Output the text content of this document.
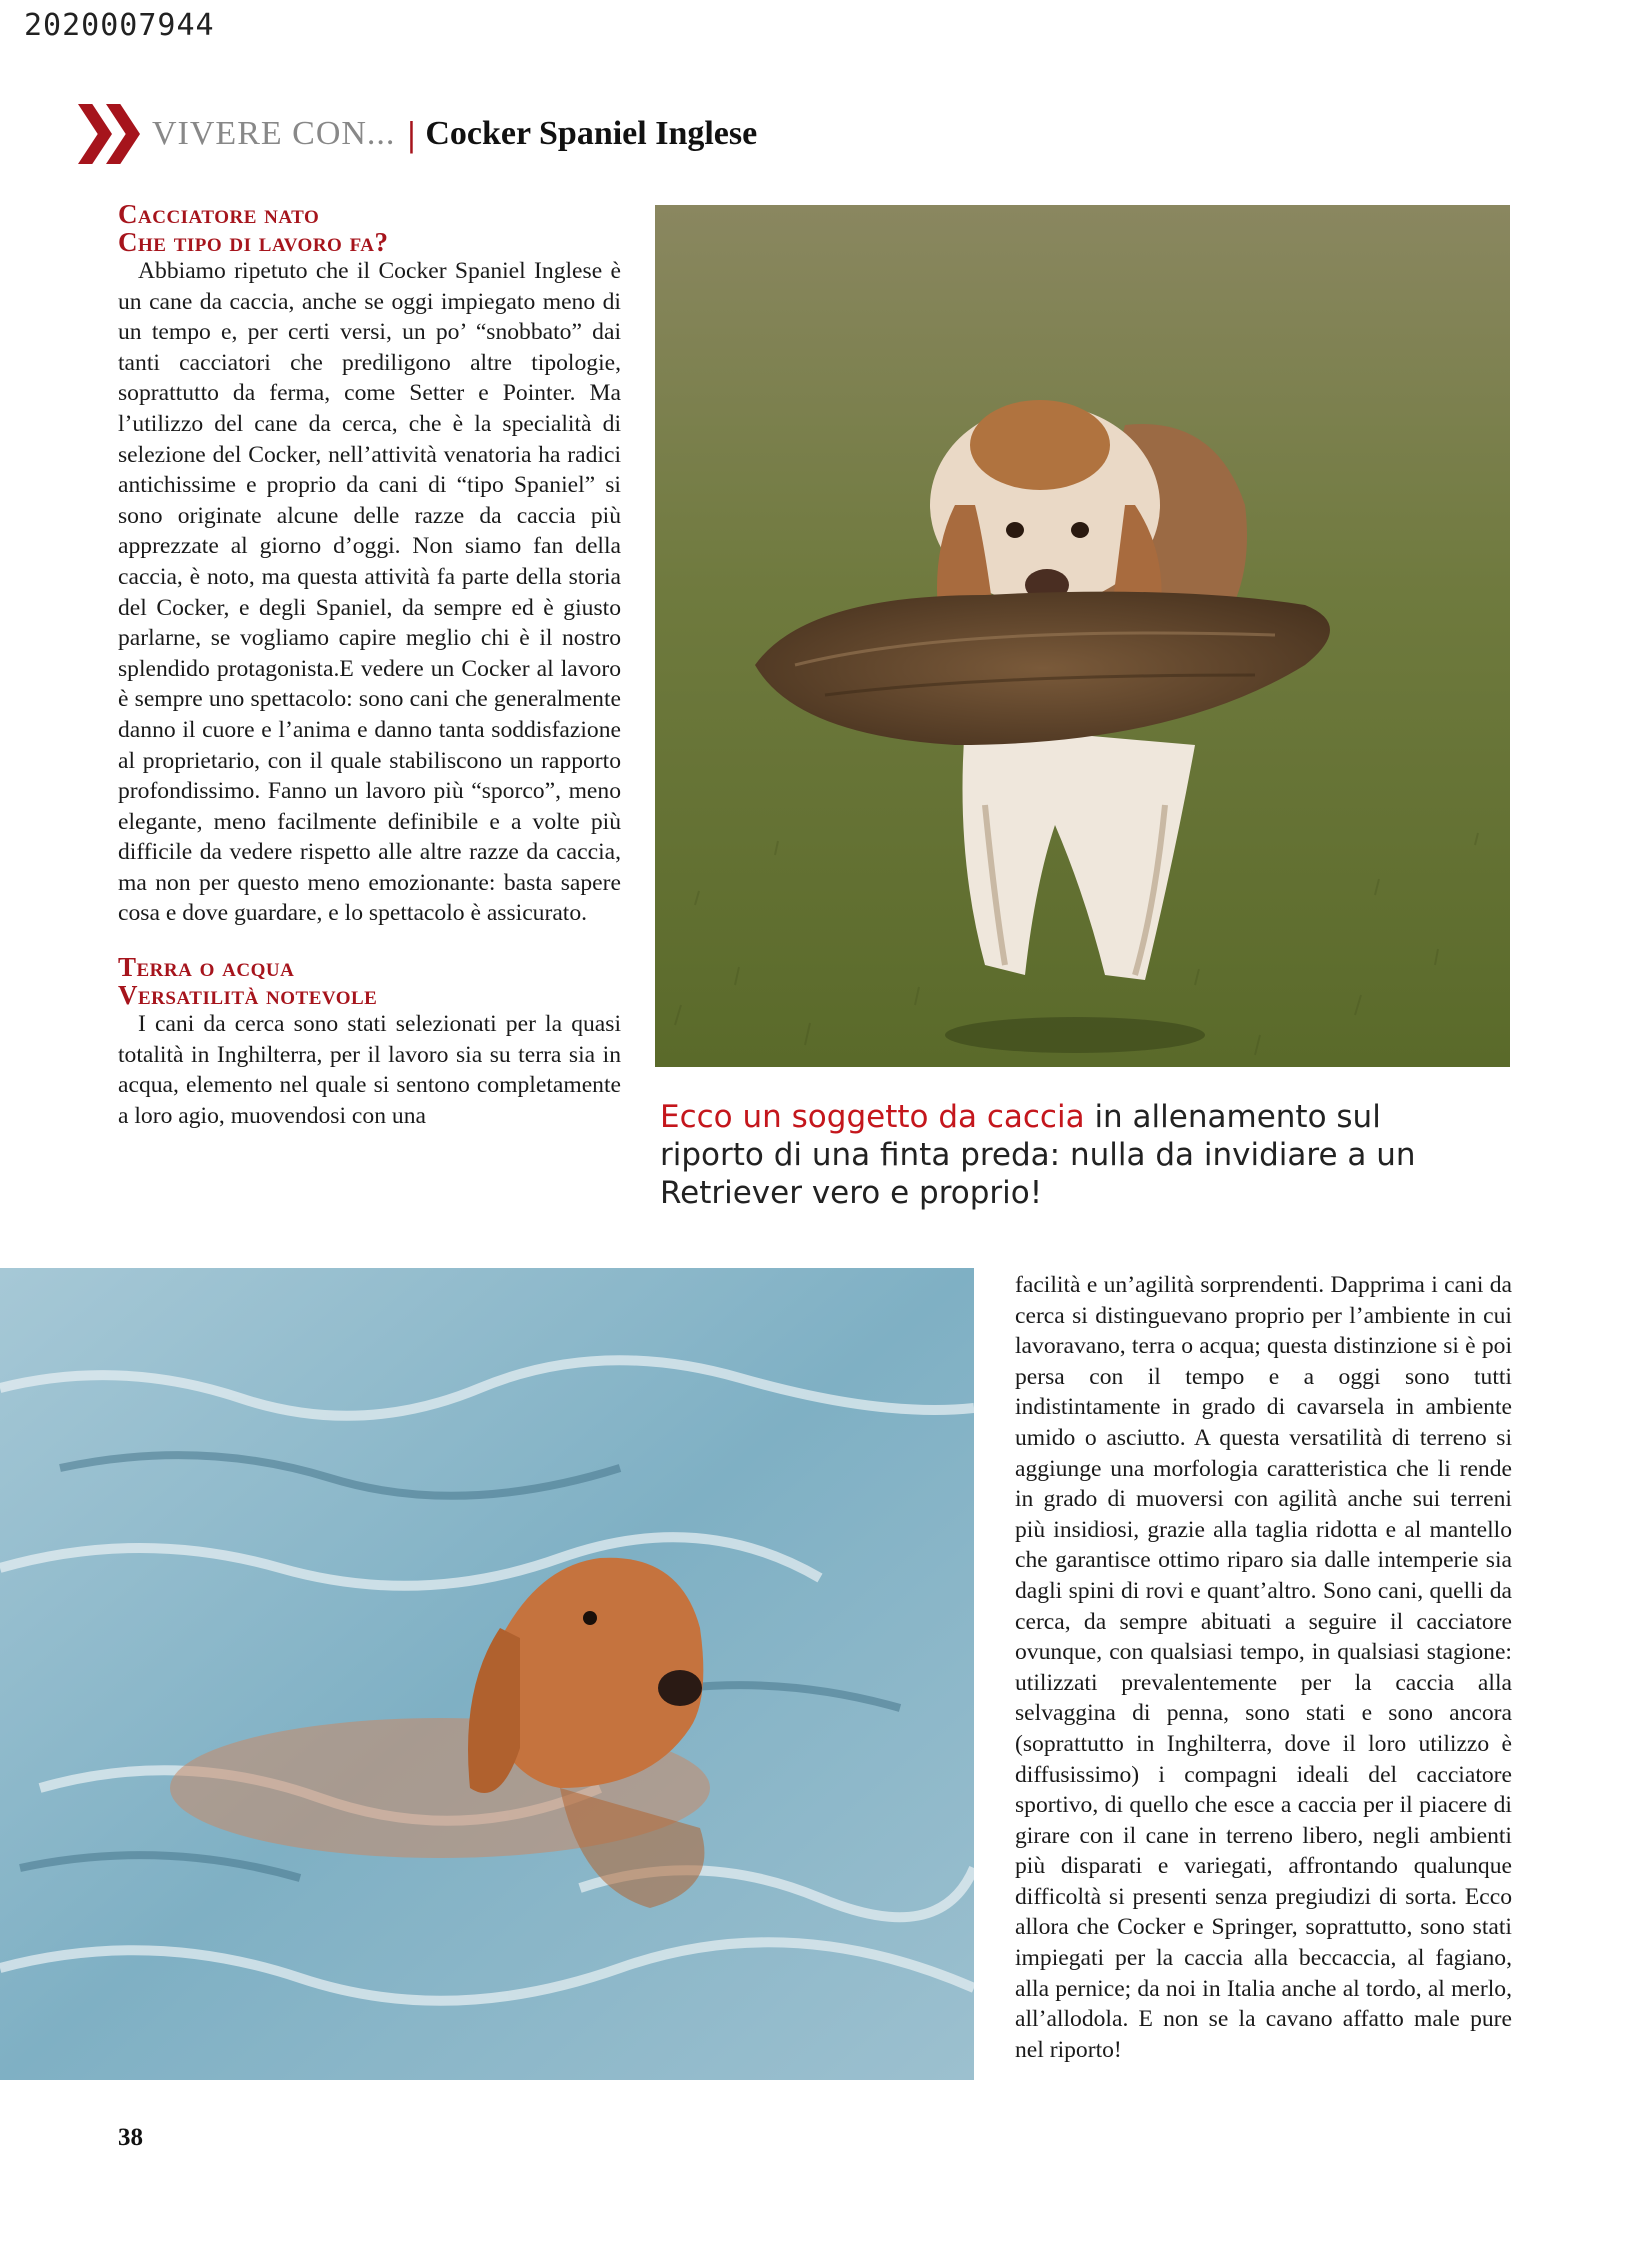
2020007944
VIVERE CON... | Cocker Spaniel Inglese
Cacciatore nato
Che tipo di lavoro fa?

Abbiamo ripetuto che il Cocker Spaniel Inglese è un cane da caccia, anche se oggi impiegato meno di un tempo e, per certi versi, un po’ “snobbato” dai tanti cacciatori che prediligono altre tipologie, soprattutto da ferma, come Setter e Pointer. Ma l’utilizzo del cane da cerca, che è la specialità di selezione del Cocker, nell’attività venatoria ha radici antichissime e proprio da cani di “tipo Spaniel” si sono originate alcune delle razze da caccia più apprezzate al giorno d’oggi. Non siamo fan della caccia, è noto, ma questa attività fa parte della storia del Cocker, e degli Spaniel, da sempre ed è giusto parlarne, se vogliamo capire meglio chi è il nostro splendido protagonista.E vedere un Cocker al lavoro è sempre uno spettacolo: sono cani che generalmente danno il cuore e l’anima e danno tanta soddisfazione al proprietario, con il quale stabiliscono un rapporto profondissimo. Fanno un lavoro più “sporco”, meno elegante, meno facilmente definibile e a volte più difficile da vedere rispetto alle altre razze da caccia, ma non per questo meno emozionante: basta sapere cosa e dove guardare, e lo spettacolo è assicurato.

Terra o acqua
Versatilità notevole

I cani da cerca sono stati selezionati per la quasi totalità in Inghilterra, per il lavoro sia su terra sia in acqua, elemento nel quale si sentono completamente a loro agio, muovendosi con una	Ecco un soggetto da caccia in allenamento sul riporto di una finta preda: nulla da invidiare a un Retriever vero e proprio!

facilità e un’agilità sorprendenti. Dapprima i cani da cerca si distinguevano proprio per l’ambiente in cui lavoravano, terra o acqua; questa distinzione si è poi persa con il tempo e a oggi sono tutti indistintamente in grado di cavarsela in ambiente umido o asciutto. A questa versatilità di terreno si aggiunge una morfologia caratteristica che li rende in grado di muoversi con agilità anche sui terreni più insidiosi, grazie alla taglia ridotta e al mantello che garantisce ottimo riparo sia dalle intemperie sia dagli spini di rovi e quant’altro. Sono cani, quelli da cerca, da sempre abituati a seguire il cacciatore ovunque, con qualsiasi tempo, in qualsiasi stagione: utilizzati prevalentemente per la caccia alla selvaggina di penna, sono stati e sono ancora (soprattutto in Inghilterra, dove il loro utilizzo è diffusissimo) i compagni ideali del cacciatore sportivo, di quello che esce a caccia per il piacere di girare con il cane in terreno libero, negli ambienti più disparati e variegati, affrontando qualunque difficoltà si presenti senza pregiudizi di sorta. Ecco allora che Cocker e Springer, soprattutto, sono stati impiegati per la caccia alla beccaccia, al fagiano, alla pernice; da noi in Italia anche al tordo, al merlo, all’allodola. E non se la cavano affatto male pure nel riporto!

38
